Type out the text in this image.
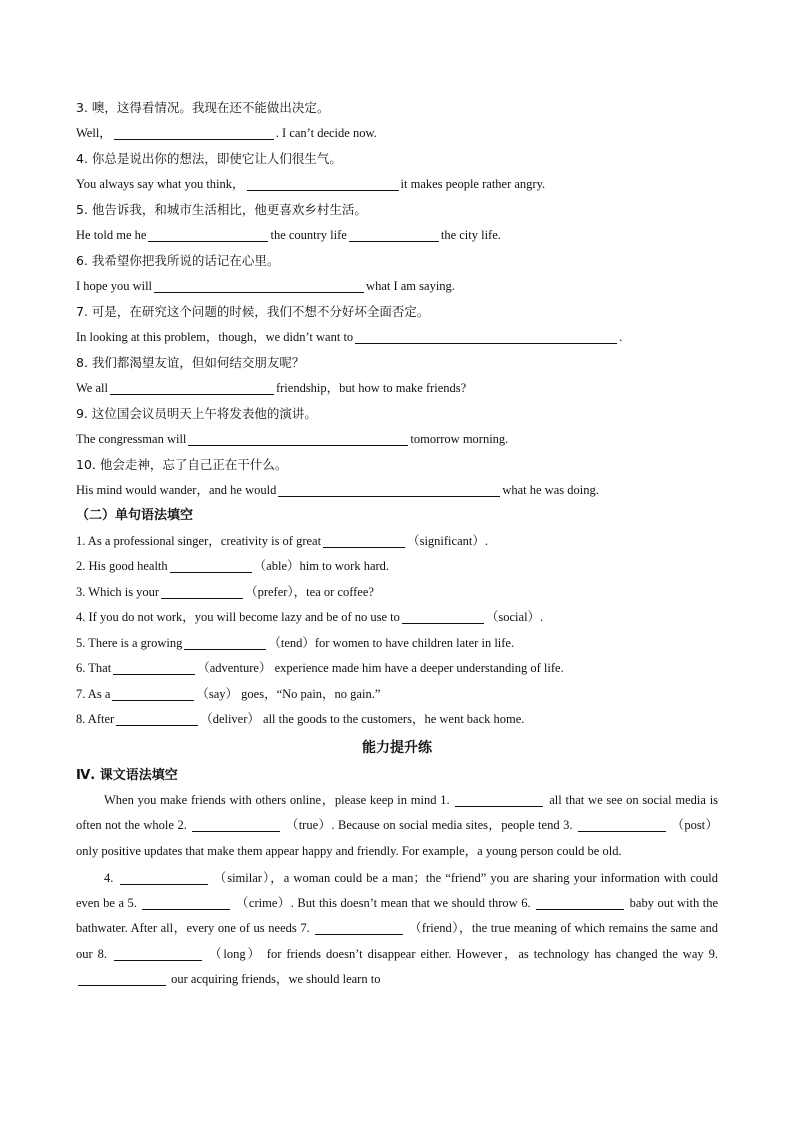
3. 噢，这得看情况。我现在还不能做出决定。
Well，	. I can’t decide now.
4. 你总是说出你的想法，即使它让人们很生气。
You always say what you think，	it makes people rather angry.
5. 他告诉我，和城市生活相比，他更喜欢乡村生活。
He told me he	the country life	the city life.
6. 我希望你把我所说的话记在心里。
I hope you will	what I am saying.
7. 可是，在研究这个问题的时候，我们不想不分好坏全面否定。
In looking at this problem，though，we didn’t want to	.
8. 我们都渴望友谊，但如何结交朋友呢？
We all	friendship，but how to make friends?
9. 这位国会议员明天上午将发表他的演讲。
The congressman will	tomorrow morning.
10. 他会走神，忘了自己正在干什么。
His mind would wander，and he would	what he was doing.
（二）单句语法填空
1. As a professional singer，creativity is of great	（significant）.
2. His good health	（able）him to work hard.
3. Which is your	（prefer），tea or coffee?
4. If you do not work，you will become lazy and be of no use to	（social）.
5. There is a growing	（tend）for women to have children later in life.
6. That	（adventure） experience made him have a deeper understanding of life.
7. As a	（say） goes，“No pain，no gain.”
8. After	（deliver） all the goods to the customers，he went back home.
能力提升练
Ⅳ. 课文语法填空
When you make friends with others online，please keep in mind 1.	all that we see on social media is often not the whole 2.	（true）. Because on social media sites，people tend 3.	（post） only positive updates that make them appear happy and friendly. For example，a young person could be old.
4.	（similar），a woman could be a man；the “friend” you are sharing your information with could even be a 5.	（crime）. But this doesn’t mean that we should throw 6.	baby out with the bathwater. After all，every one of us needs 7.	（friend），the true meaning of which remains the same and our 8.	（long） for friends doesn’t disappear either. However，as technology has changed the way 9.  our acquiring friends，we should learn to
